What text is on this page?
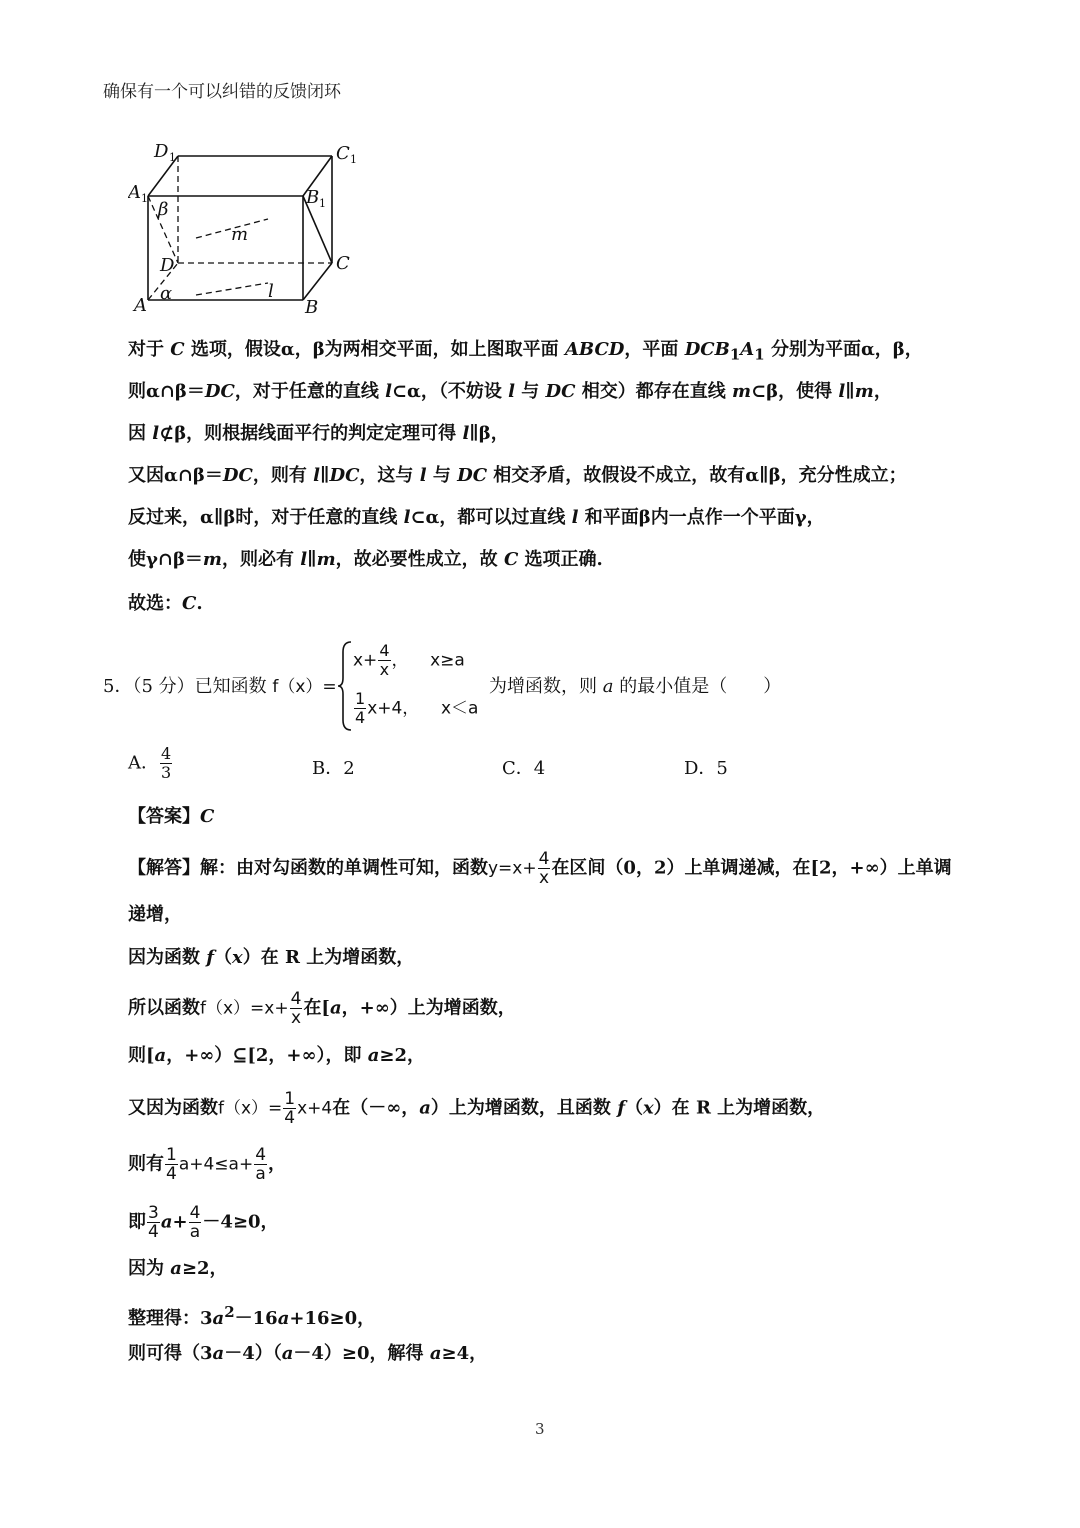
确保有一个可以纠错的反馈闭环
D 1	C 1
A 1	B 1
D	C
A	B
β
α
m
l
对于 C 选项，假设α，β为两相交平面，如上图取平面 ABCD，平面 $DCB_1A_1$ 分别为平面α，β，
则α∩β＝DC，对于任意的直线 l⊂α，（不妨设 l 与 DC 相交）都存在直线 m⊂β，使得 l∥m，
因 l⊄β，则根据线面平行的判定定理可得 l∥β，
又因α∩β＝DC，则有 l∥DC，这与 l 与 DC 相交矛盾，故假设不成立，故有α∥β，充分性成立；
反过来，α∥β时，对于任意的直线 l⊂α，都可以过直线 l 和平面β内一点作一个平面γ，
使γ∩β＝m，则必有 l∥m，故必要性成立，故 C 选项正确.
故选：C.
5．（5 分）已知函数 f（x）=
$x+ \frac{4}{x}$ ， x≥a
$\frac{1}{4} x+4$， x＜a
为增函数，则 a 的最小值是（　　）
A． $\frac{4}{3}$	B．2	C．4	D．5
【答案】C
【解答】解：由对勾函数的单调性可知，函数$y=x+ \frac{4}{x}$ 在区间（0，2）上单调递减，在[2，+∞）上单调
递增，
因为函数 f（x）在 R 上为增函数，
所以函数$f(x)=x+ \frac{4}{x}$ 在[a，+∞）上为增函数，
则[a，+∞）⊆[2，+∞），即 a≥2，
又因为函数$f(x)= \frac{1}{4} x+4$在（－∞，a）上为增函数，且函数 f（x）在 R 上为增函数，
则有 $\frac{1}{4} a+4\le a+ \frac{4}{a}$ ，
即 $\frac{3}{4} a+ \frac{4}{a} -4\ge 0$，
因为 a≥2，
整理得：$3a^2-16a+16\ge 0$，
则可得（3a－4）（a－4）≥0，解得 a≥4，
3
